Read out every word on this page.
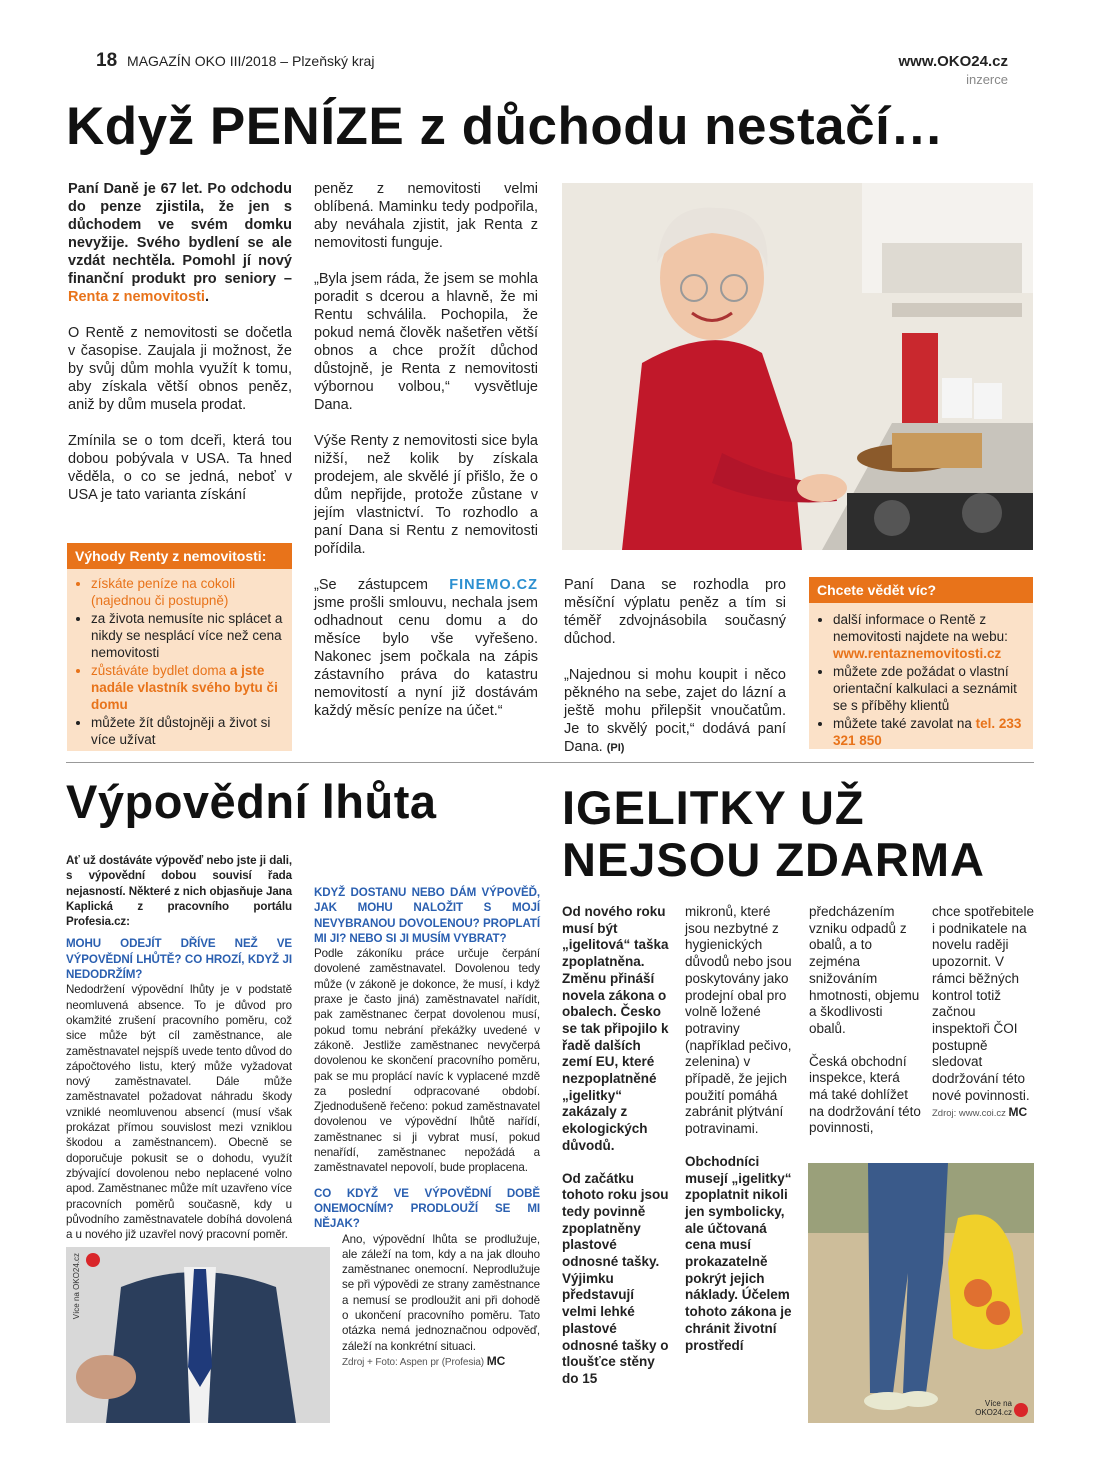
18 MAGAZÍN OKO III/2018 – Plzeňský kraj	www.OKO24.cz
inzerce
Když PENÍZE z důchodu nestačí…
Paní Daně je 67 let. Po odchodu do penze zjistila, že jen s důchodem ve svém domku nevyžije. Svého bydlení se ale vzdát nechtěla. Pomohl jí nový finanční produkt pro seniory – Renta z nemovitosti.
O Rentě z nemovitosti se dočetla v časopise. Zaujala ji možnost, že by svůj dům mohla využít k tomu, aby získala větší obnos peněz, aniž by dům musela prodat.
Zmínila se o tom dceři, která tou dobou pobývala v USA. Ta hned věděla, o co se jedná, neboť v USA je tato varianta získání
Výhody Renty z nemovitosti:
• získáte peníze na cokoli (najednou či postupně)
• za života nemusíte nic splácet a nikdy se nesplácí více než cena nemovitosti
• zůstáváte bydlet doma a jste nadále vlastník svého bytu či domu
• můžete žít důstojněji a život si více užívat
peněz z nemovitosti velmi oblíbená. Maminku tedy podpořila, aby neváhala zjistit, jak Renta z nemovitosti funguje.
„Byla jsem ráda, že jsem se mohla poradit s dcerou a hlavně, že mi Rentu schválila. Pochopila, že pokud nemá člověk našetřen větší obnos a chce prožít důchod důstojně, je Renta z nemovitosti výbornou volbou,“ vysvětluje Dana.
Výše Renty z nemovitosti sice byla nižší, než kolik by získala prodejem, ale skvělé jí přišlo, že o dům nepřijde, protože zůstane v jejím vlastnictví. To rozhodlo a paní Dana si Rentu z nemovitosti pořídila.
„Se zástupcem FINEMO.CZ jsme prošli smlouvu, nechala jsem odhadnout cenu domu a do měsíce bylo vše vyřešeno. Nakonec jsem počkala na zápis zástavního práva do katastru nemovitostí a nyní již dostávám každý měsíc peníze na účet.“
Paní Dana se rozhodla pro měsíční výplatu peněz a tím si téměř zdvojnásobila současný důchod.
„Najednou si mohu koupit i něco pěkného na sebe, zajet do lázní a ještě mohu přilepšit vnoučatům. Je to skvělý pocit,“ dodává paní Dana. (PI)
Chcete vědět víc?
• další informace o Rentě z nemovitosti najdete na webu: www.rentaznemovitosti.cz
• můžete zde požádat o vlastní orientační kalkulaci a seznámit se s příběhy klientů
• můžete také zavolat na tel. 233 321 850
Výpovědní lhůta
Ať už dostáváte výpověď nebo jste ji dali, s výpovědní dobou souvisí řada nejasností. Některé z nich objasňuje Jana Kaplická z pracovního portálu Profesia.cz:
MOHU ODEJÍT DŘÍVE NEŽ VE VÝPOVĚDNÍ LHŮTĚ? CO HROZÍ, KDYŽ JI NEDODRŽÍM?
Nedodržení výpovědní lhůty je v podstatě neomluvená absence. To je důvod pro okamžité zrušení pracovního poměru, což sice může být cíl zaměstnance, ale zaměstnavatel nejspíš uvede tento důvod do zápočtového listu, který může vyžadovat nový zaměstnavatel. Dále může zaměstnavatel požadovat náhradu škody vzniklé neomluvenou absencí (musí však prokázat přímou souvislost mezi vzniklou škodou a zaměstnancem). Obecně se doporučuje pokusit se o dohodu, využít zbývající dovolenou nebo neplacené volno apod. Zaměstnanec může mít uzavřeno více pracovních poměrů současně, kdy u původního zaměstnavatele dobíhá dovolená a u nového již uzavřel nový pracovní poměr.
KDYŽ DOSTANU NEBO DÁM VÝPOVĚĎ, JAK MOHU NALOŽIT S MOJÍ NEVYBRANOU DOVOLENOU? PROPLATÍ MI JI? NEBO SI JI MUSÍM VYBRAT?
Podle zákoníku práce určuje čerpání dovolené zaměstnavatel. Dovolenou tedy může (v zákoně je dokonce, že musí, i když praxe je často jiná) zaměstnavatel nařídit, pak zaměstnanec čerpat dovolenou musí, pokud tomu nebrání překážky uvedené v zákoně. Jestliže zaměstnanec nevyčerpá dovolenou ke skončení pracovního poměru, pak se mu proplácí navíc k vyplacené mzdě za poslední odpracované období. Zjednodušeně řečeno: pokud zaměstnavatel dovolenou ve výpovědní lhůtě nařídí, zaměstnanec si ji vybrat musí, pokud nenařídí, zaměstnanec nepožádá a zaměstnavatel nepovolí, bude proplacena.
CO KDYŽ VE VÝPOVĚDNÍ DOBĚ ONEMOCNÍM? PRODLOUŽÍ SE MI NĚJAK?
Ano, výpovědní lhůta se prodlužuje, ale záleží na tom, kdy a na jak dlouho zaměstnanec onemocní. Neprodlužuje se při výpovědi ze strany zaměstnance a nemusí se prodloužit ani při dohodě o ukončení pracovního poměru. Tato otázka nemá jednoznačnou odpověď, záleží na konkrétní situaci.
Zdroj + Foto: Aspen pr (Profesia) MC
Více na OKO24.cz
IGELITKY UŽ
NEJSOU ZDARMA
Od nového roku musí být „igelitová“ taška zpoplatněna. Změnu přináší novela zákona o obalech. Česko se tak připojilo k řadě dalších zemí EU, které nezpoplatněné „igelitky“ zakázaly z ekologických důvodů.
Od začátku tohoto roku jsou tedy povinně zpoplatněny plastové odnosné tašky. Výjimku představují velmi lehké plastové odnosné tašky o tloušťce stěny do 15
mikronů, které jsou nezbytné z hygienických důvodů nebo jsou poskytovány jako prodejní obal pro volně ložené potraviny (například pečivo, zelenina) v případě, že jejich použití pomáhá zabránit plýtvání potravinami.
Obchodníci musejí „igelitky“ zpoplatnit nikoli jen symbolicky, ale účtovaná cena musí prokazatelně pokrýt jejich náklady. Účelem tohoto zákona je chránit životní prostředí
předcházením vzniku odpadů z obalů, a to zejména snižováním hmotnosti, objemu a škodlivosti obalů.
Česká obchodní inspekce, která má také dohlížet na dodržování této povinnosti,
chce spotřebitele i podnikatele na novelu raději upozornit. V rámci běžných kontrol totiž začnou inspektoři ČOI postupně sledovat dodržování této nové povinnosti.
Zdroj: www.coi.cz MC
Více na OKO24.cz
